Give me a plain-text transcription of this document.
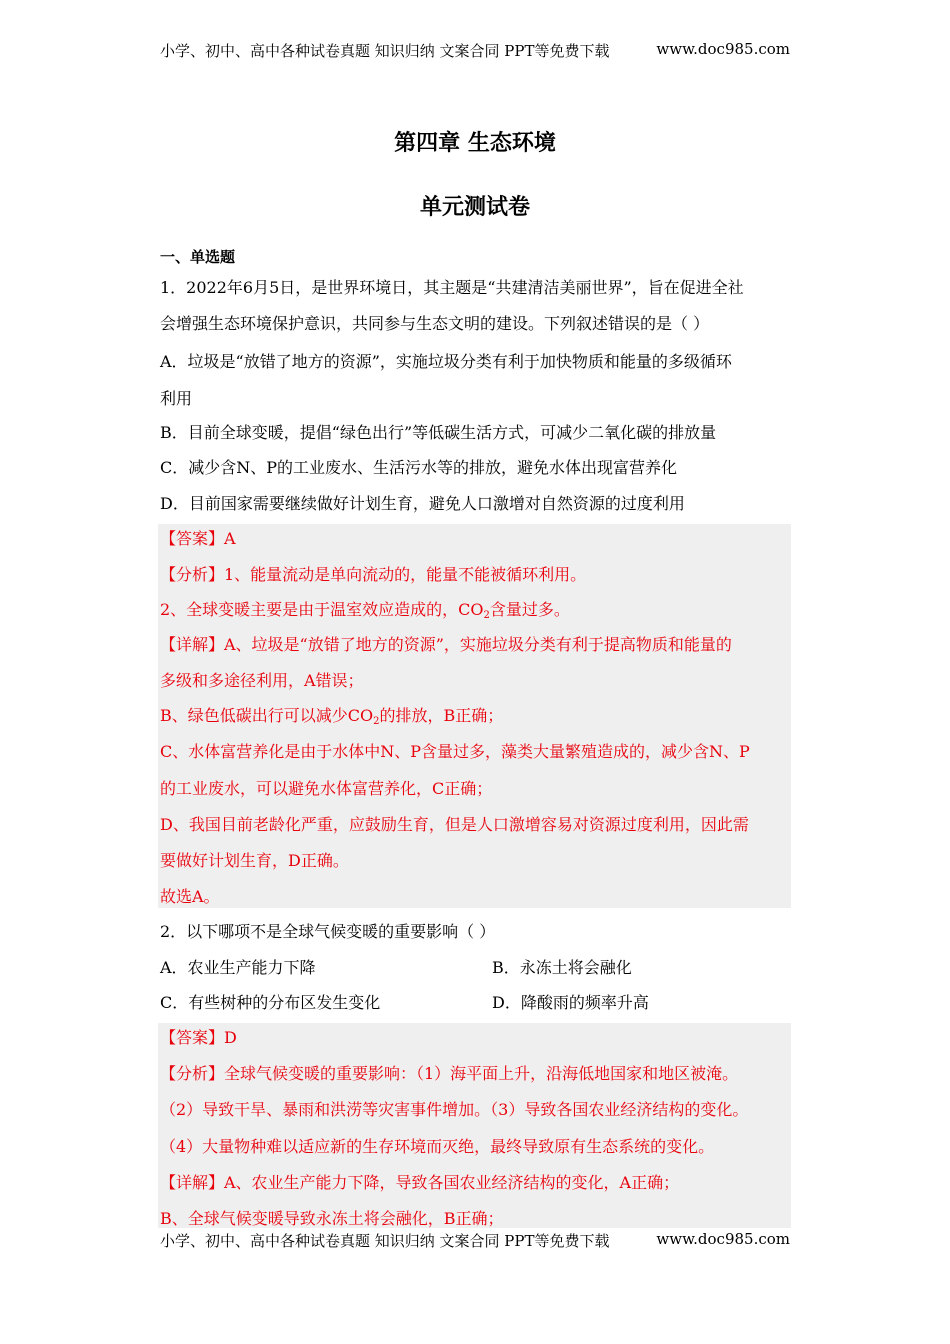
小学、初中、高中各种试卷真题 知识归纳 文案合同 PPT等免费下载	www.doc985.com
第四章 生态环境
单元测试卷
一、单选题
1．2022年6月5日，是世界环境日，其主题是“共建清洁美丽世界”，旨在促进全社
会增强生态环境保护意识，共同参与生态文明的建设。下列叙述错误的是（ ）
A．垃圾是“放错了地方的资源”，实施垃圾分类有利于加快物质和能量的多级循环
利用
B．目前全球变暖，提倡“绿色出行”等低碳生活方式，可减少二氧化碳的排放量
C．减少含N、P的工业废水、生活污水等的排放，避免水体出现富营养化
D．目前国家需要继续做好计划生育，避免人口激增对自然资源的过度利用
【答案】A
【分析】1、能量流动是单向流动的，能量不能被循环利用。
2、全球变暖主要是由于温室效应造成的，$CO_2$含量过多。
【详解】A、垃圾是“放错了地方的资源”，实施垃圾分类有利于提高物质和能量的
多级和多途径利用，A错误；
B、绿色低碳出行可以减少$CO_2$的排放，B正确；
C、水体富营养化是由于水体中N、P含量过多，藻类大量繁殖造成的，减少含N、P
的工业废水，可以避免水体富营养化，C正确；
D、我国目前老龄化严重，应鼓励生育，但是人口激增容易对资源过度利用，因此需
要做好计划生育，D正确。
故选A。
2．以下哪项不是全球气候变暖的重要影响（ ）
A．农业生产能力下降	B．永冻土将会融化
C．有些树种的分布区发生变化	D．降酸雨的频率升高
【答案】D
【分析】全球气候变暖的重要影响：（1）海平面上升，沿海低地国家和地区被淹。
（2）导致干旱、暴雨和洪涝等灾害事件增加。（3）导致各国农业经济结构的变化。
（4）大量物种难以适应新的生存环境而灭绝，最终导致原有生态系统的变化。
【详解】A、农业生产能力下降，导致各国农业经济结构的变化，A正确；
B、全球气候变暖导致永冻土将会融化，B正确；
小学、初中、高中各种试卷真题 知识归纳 文案合同 PPT等免费下载	www.doc985.com
